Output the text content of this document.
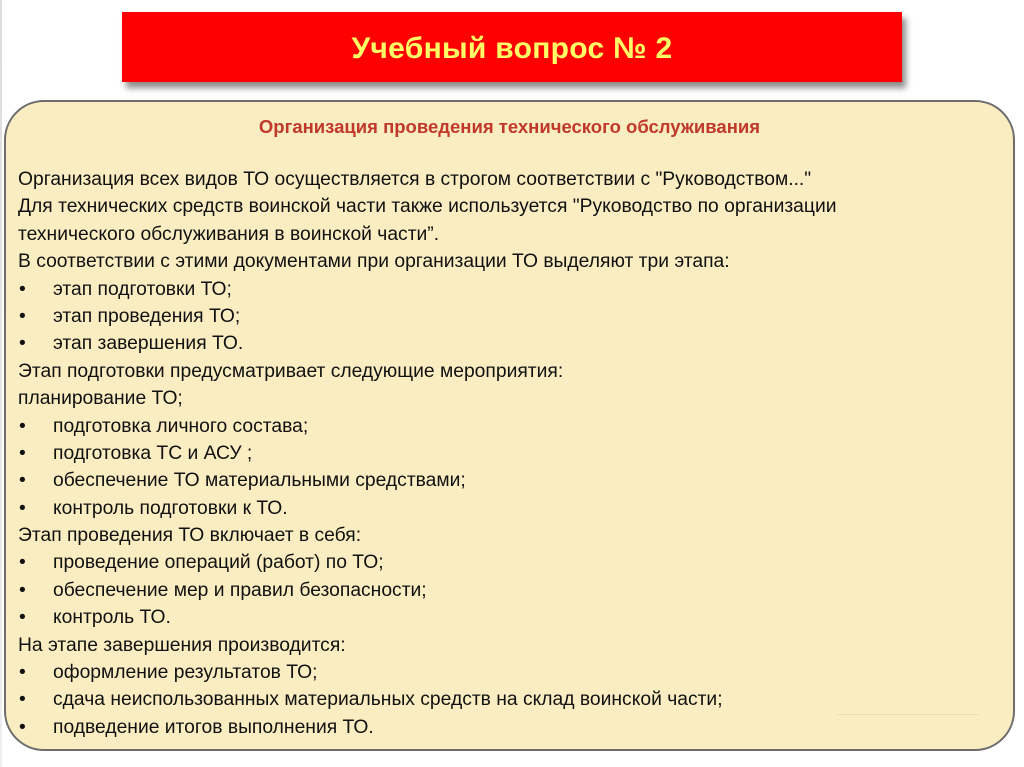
Учебный вопрос № 2
Организация проведения технического обслуживания
Организация всех видов ТО осуществляется в строгом соответствии с "Руководством..."
Для технических средств воинской части также используется "Руководство по организации
технического обслуживания в воинской части”.
В соответствии с этими документами при организации ТО выделяют три этапа:
• этап подготовки ТО;
• этап проведения ТО;
• этап завершения ТО.
Этап подготовки предусматривает следующие мероприятия:
планирование ТО;
• подготовка личного состава;
• подготовка ТС и АСУ ;
• обеспечение ТО материальными средствами;
• контроль подготовки к ТО.
Этап проведения ТО включает в себя:
• проведение операций (работ) по ТО;
• обеспечение мер и правил безопасности;
• контроль ТО.
На этапе завершения производится:
• оформление результатов ТО;
• сдача неиспользованных материальных средств на склад воинской части;
• подведение итогов выполнения ТО.
